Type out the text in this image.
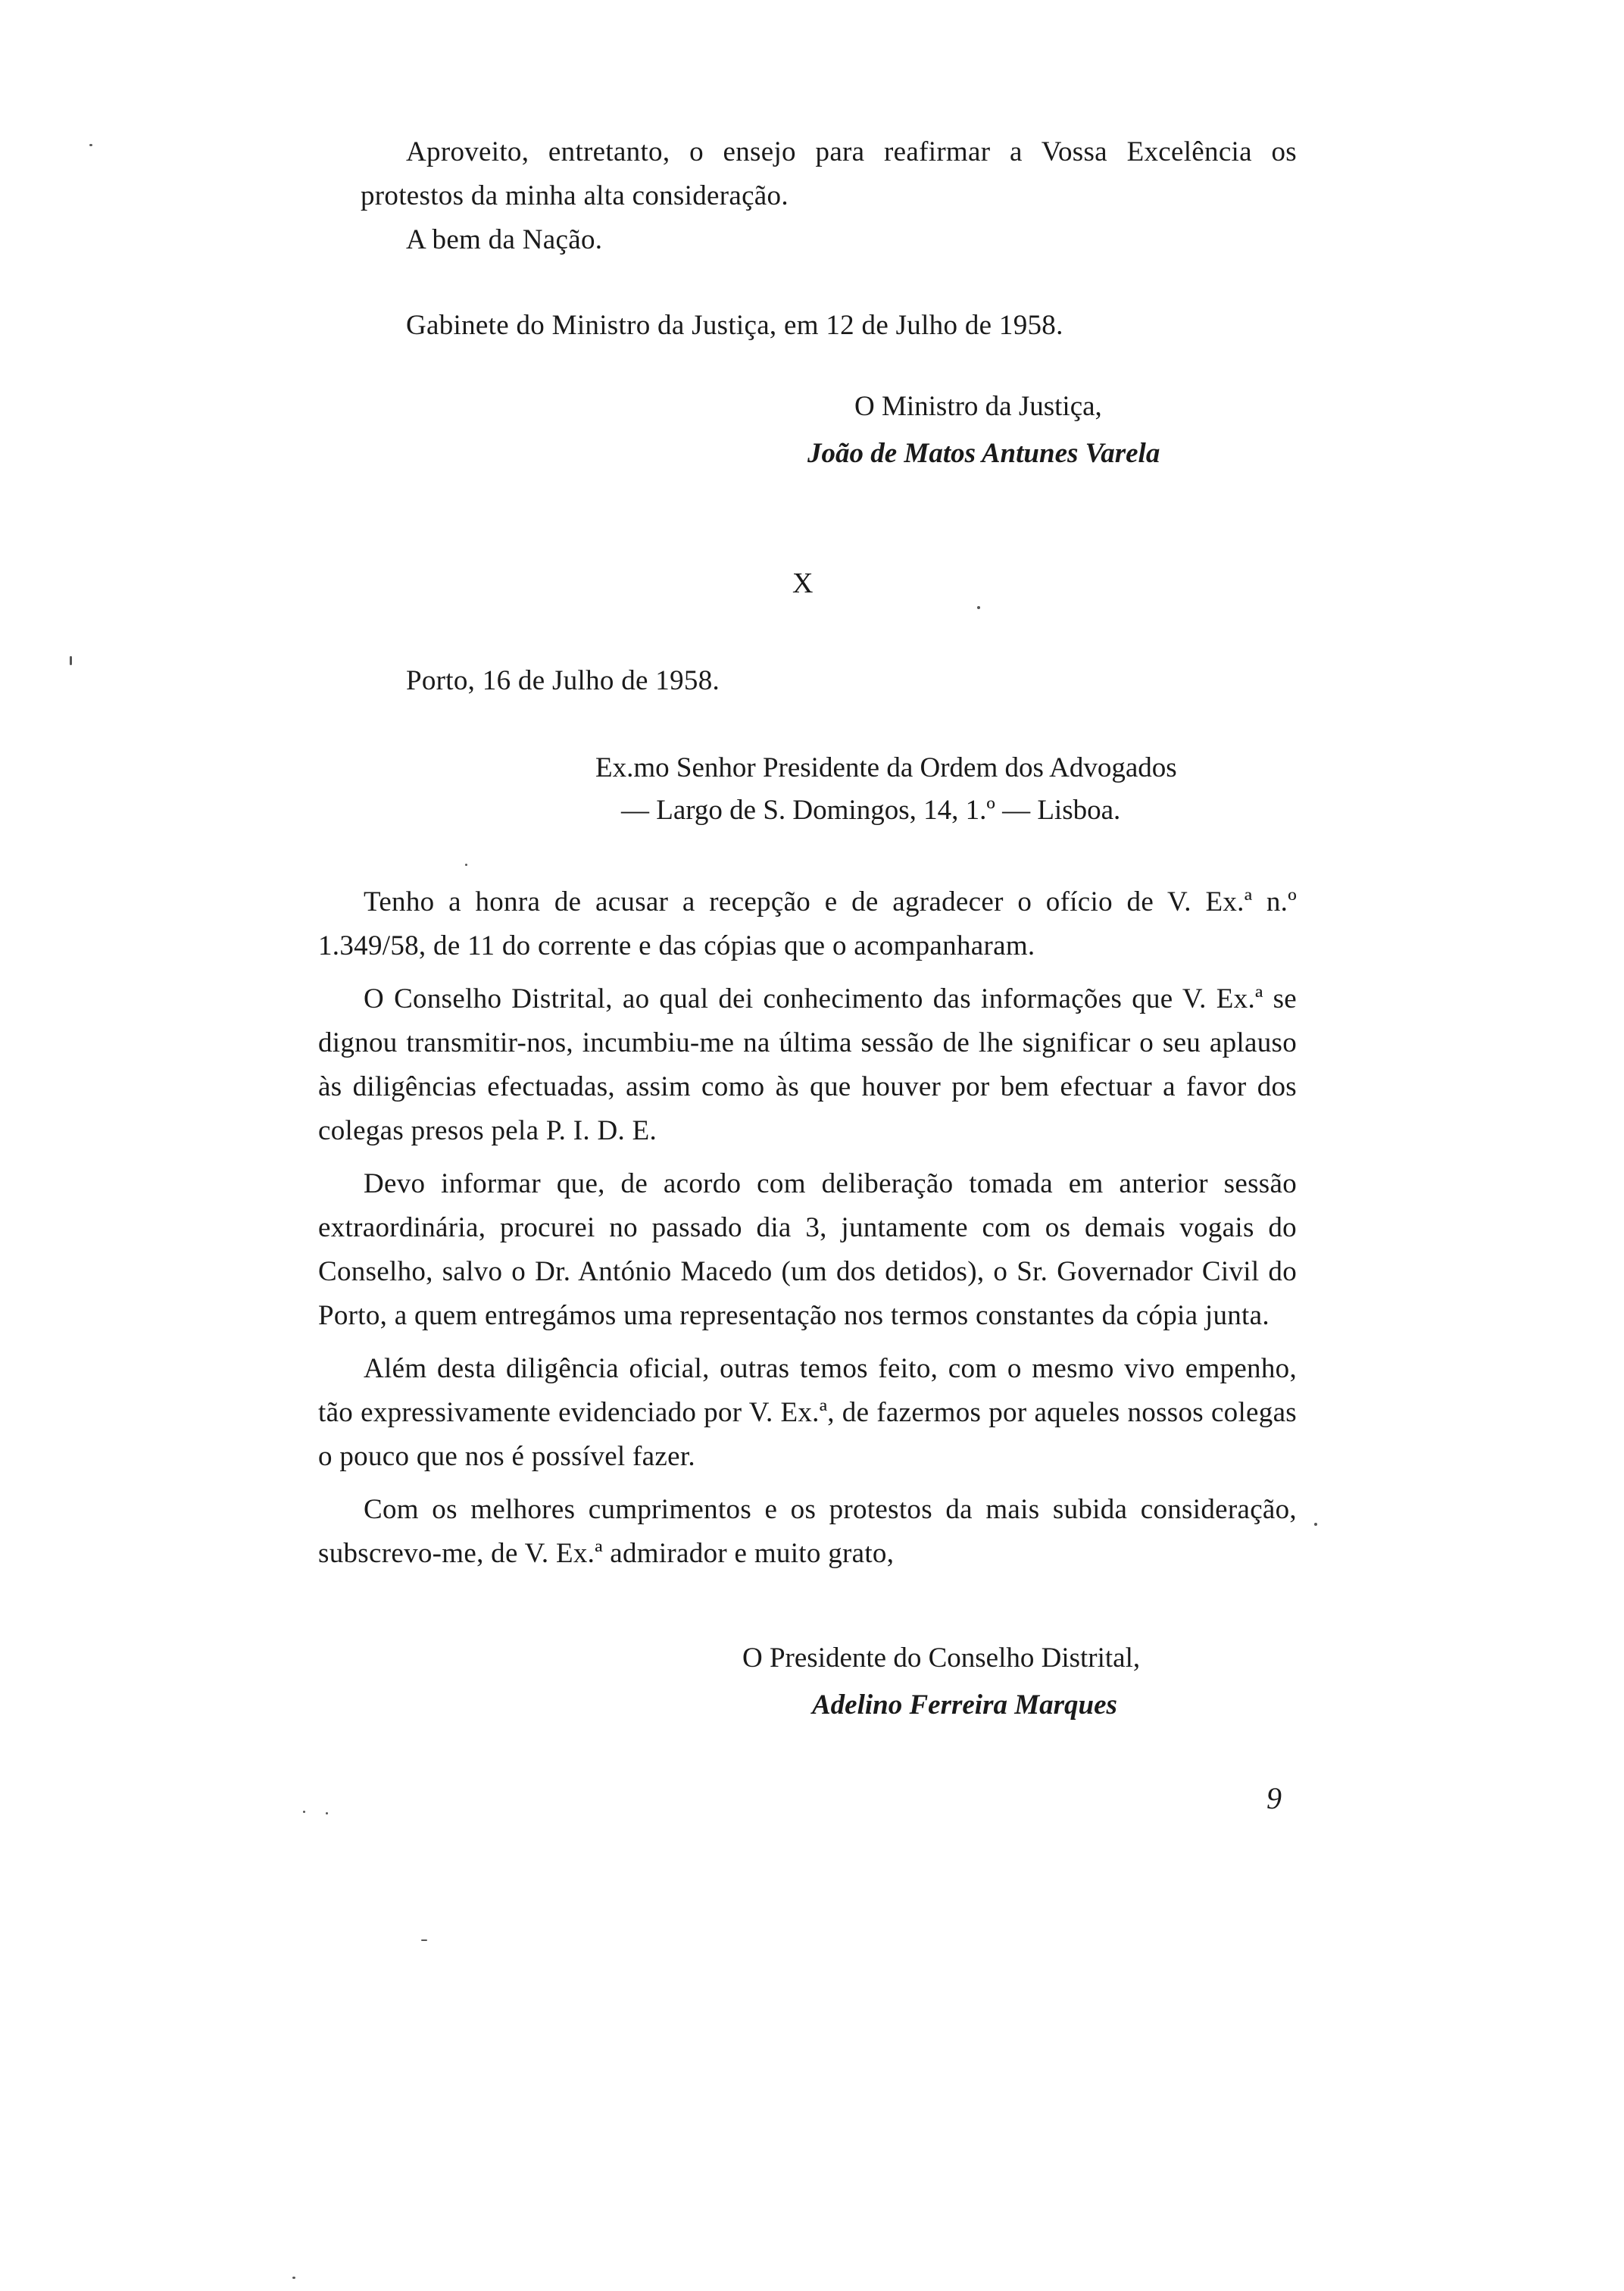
Aproveito, entretanto, o ensejo para reafirmar a Vossa Excelência os protestos da minha alta consideração.

A bem da Nação.

Gabinete do Ministro da Justiça, em 12 de Julho de 1958.

O Ministro da Justiça,
João de Matos Antunes Varela
X

Porto, 16 de Julho de 1958.

Ex.mo Senhor Presidente da Ordem dos Advogados
— Largo de S. Domingos, 14, 1.º — Lisboa.

Tenho a honra de acusar a recepção e de agradecer o ofício de V. Ex.ª n.º 1.349/58, de 11 do corrente e das cópias que o acompanharam.

O Conselho Distrital, ao qual dei conhecimento das informações que V. Ex.ª se dignou transmitir-nos, incumbiu-me na última sessão de lhe significar o seu aplauso às diligências efectuadas, assim como às que houver por bem efectuar a favor dos colegas presos pela P. I. D. E.

Devo informar que, de acordo com deliberação tomada em anterior sessão extraordinária, procurei no passado dia 3, juntamente com os demais vogais do Conselho, salvo o Dr. António Macedo (um dos detidos), o Sr. Governador Civil do Porto, a quem entregámos uma representação nos termos constantes da cópia junta.

Além desta diligência oficial, outras temos feito, com o mesmo vivo empenho, tão expressivamente evidenciado por V. Ex.ª, de fazermos por aqueles nossos colegas o pouco que nos é possível fazer.

Com os melhores cumprimentos e os protestos da mais subida consideração, subscrevo-me, de V. Ex.ª admirador e muito grato,

O Presidente do Conselho Distrital,
Adelino Ferreira Marques
9
